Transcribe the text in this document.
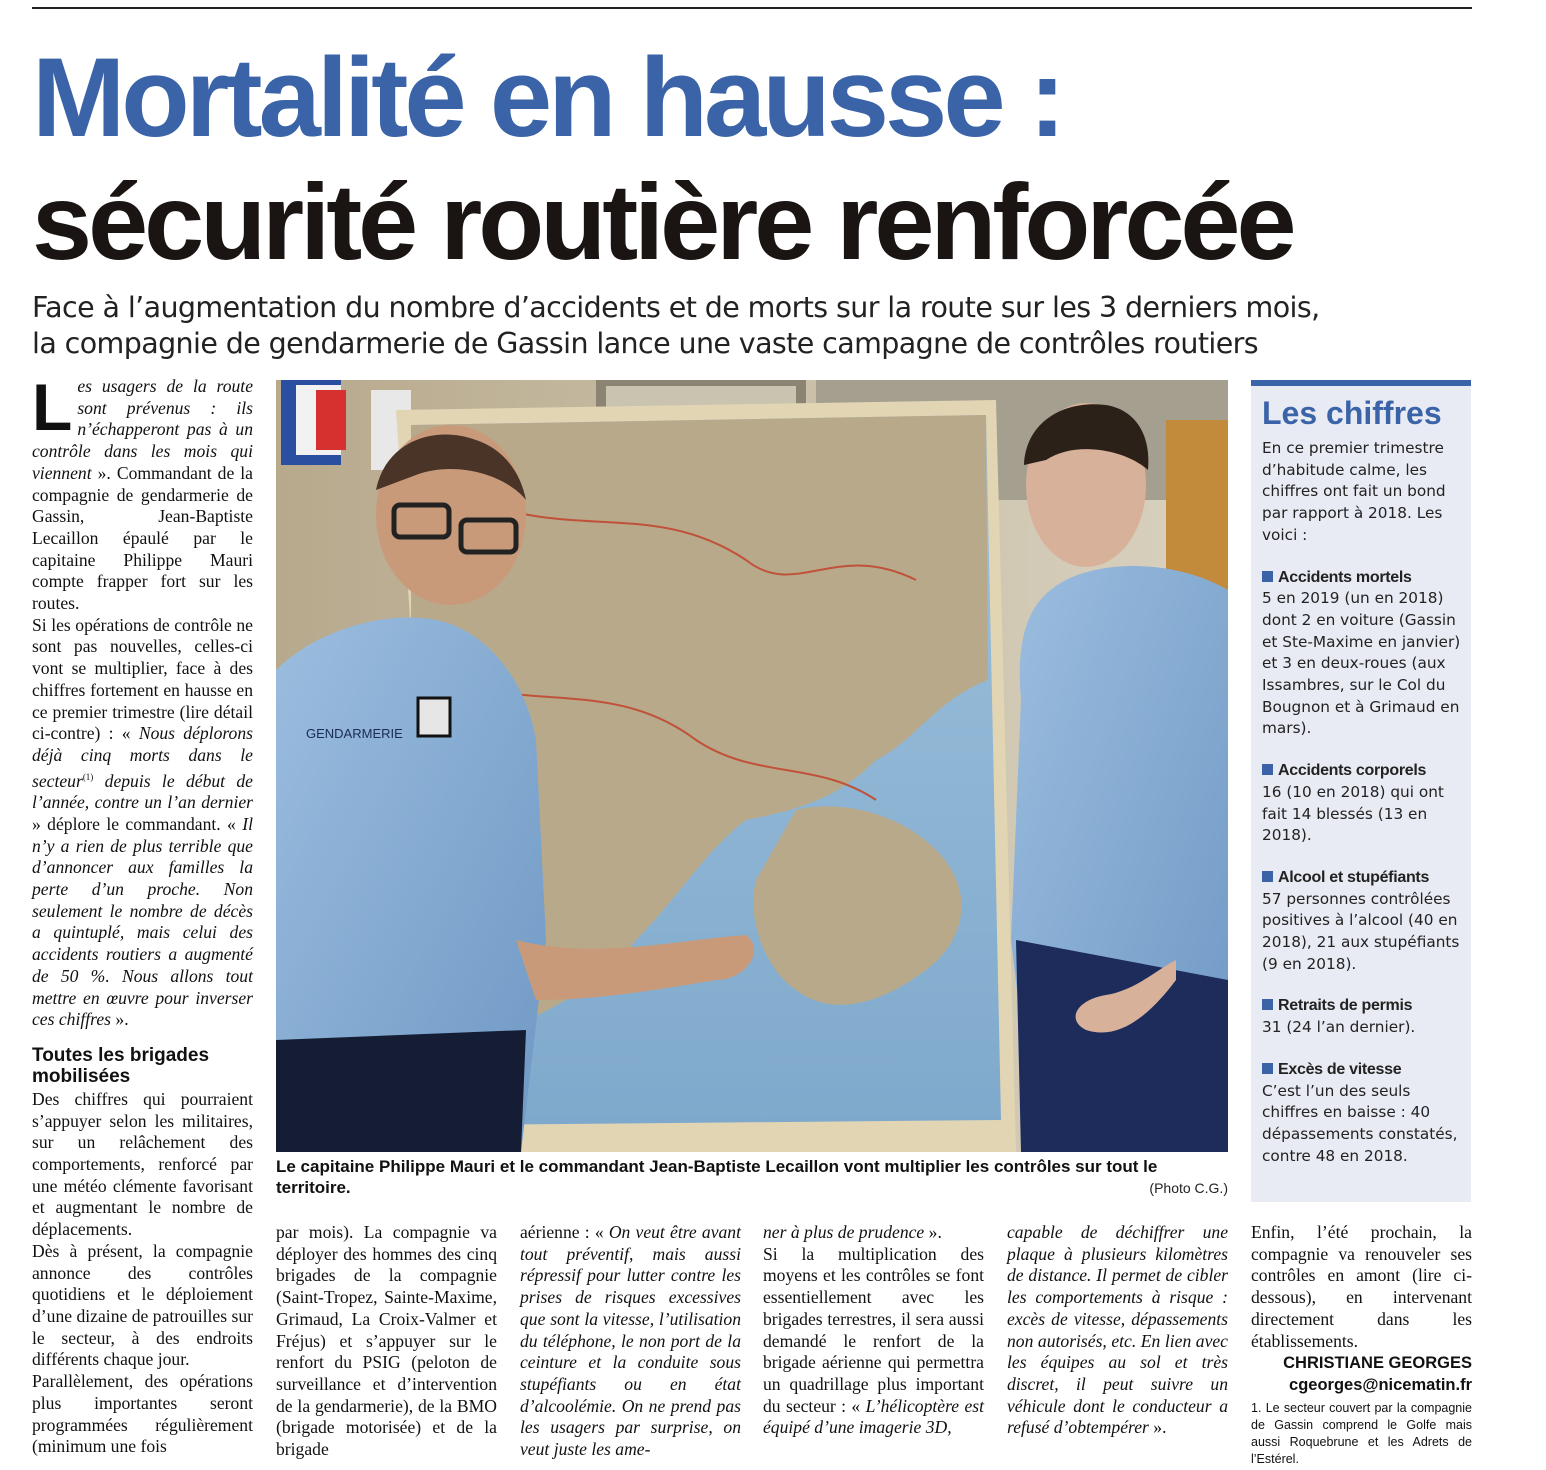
Mortalité en hausse :
sécurité routière renforcée
Face à l’augmentation du nombre d’accidents et de morts sur la route sur les 3 derniers mois,
la compagnie de gendarmerie de Gassin lance une vaste campagne de contrôles routiers

L es usagers de la route sont prévenus : ils n’échapperont pas à un contrôle dans les mois qui viennent ». Commandant de la compagnie de gendarmerie de Gassin, Jean-Baptiste Lecaillon épaulé par le capitaine Philippe Mauri compte frapper fort sur les routes.

Si les opérations de contrôle ne sont pas nouvelles, celles-ci vont se multiplier, face à des chiffres fortement en hausse en ce premier trimestre (lire détail ci-contre) : « Nous déplorons déjà cinq morts dans le secteur$^{(1)}$ depuis le début de l’année, contre un l’an dernier » déplore le commandant. « Il n’y a rien de plus terrible que d’annoncer aux familles la perte d’un proche. Non seulement le nombre de décès a quintuplé, mais celui des accidents routiers a augmenté de 50 %. Nous allons tout mettre en œuvre pour inverser ces chiffres ».

Toutes les brigades mobilisées

Des chiffres qui pourraient s’appuyer selon les militaires, sur un relâchement des comportements, renforcé par une météo clémente favorisant et augmentant le nombre de déplacements.

Dès à présent, la compagnie annonce des contrôles quotidiens et le déploiement d’une dizaine de patrouilles sur le secteur, à des endroits différents chaque jour.

Parallèlement, des opérations plus importantes seront programmées régulièrement (minimum une fois

GENDARMERIE
Le capitaine Philippe Mauri et le commandant Jean-Baptiste Lecaillon vont multiplier les contrôles sur tout le territoire.	(Photo C.G.)
Les chiffres
En ce premier trimestre d’habitude calme, les chiffres ont fait un bond par rapport à 2018. Les voici :
Accidents mortels
5 en 2019 (un en 2018) dont 2 en voiture (Gassin et Ste-Maxime en janvier) et 3 en deux-roues (aux Issambres, sur le Col du Bougnon et à Grimaud en mars).
Accidents corporels
16 (10 en 2018) qui ont fait 14 blessés (13 en 2018).
Alcool et stupéfiants
57 personnes contrôlées positives à l’alcool (40 en 2018), 21 aux stupéfiants (9 en 2018).
Retraits de permis
31 (24 l’an dernier).
Excès de vitesse
C’est l’un des seuls chiffres en baisse : 40 dépassements constatés, contre 48 en 2018.

par mois). La compagnie va déployer des hommes des cinq brigades de la compagnie (Saint-Tropez, Sainte-Maxime, Grimaud, La Croix-Valmer et Fréjus) et s’appuyer sur le renfort du PSIG (peloton de surveillance et d’intervention de la gendarmerie), de la BMO (brigade motorisée) et de la brigade

aérienne : « On veut être avant tout préventif, mais aussi répressif pour lutter contre les prises de risques excessives que sont la vitesse, l’utilisation du téléphone, le non port de la ceinture et la conduite sous stupéfiants ou en état d’alcoolémie. On ne prend pas les usagers par surprise, on veut juste les ame-

ner à plus de prudence ».

Si la multiplication des moyens et les contrôles se font essentiellement avec les brigades terrestres, il sera aussi demandé le renfort de la brigade aérienne qui permettra un quadrillage plus important du secteur : « L’hélicoptère est équipé d’une imagerie 3D,

capable de déchiffrer une plaque à plusieurs kilomètres de distance. Il permet de cibler les comportements à risque : excès de vitesse, dépassements non autorisés, etc. En lien avec les équipes au sol et très discret, il peut suivre un véhicule dont le conducteur a refusé d’obtempérer ».

Enfin, l’été prochain, la compagnie va renouveler ses contrôles en amont (lire ci-dessous), en intervenant directement dans les établissements.

CHRISTIANE GEORGES
cgeorges@nicematin.fr
1. Le secteur couvert par la compagnie de Gassin comprend le Golfe mais aussi Roquebrune et les Adrets de l’Estérel.
